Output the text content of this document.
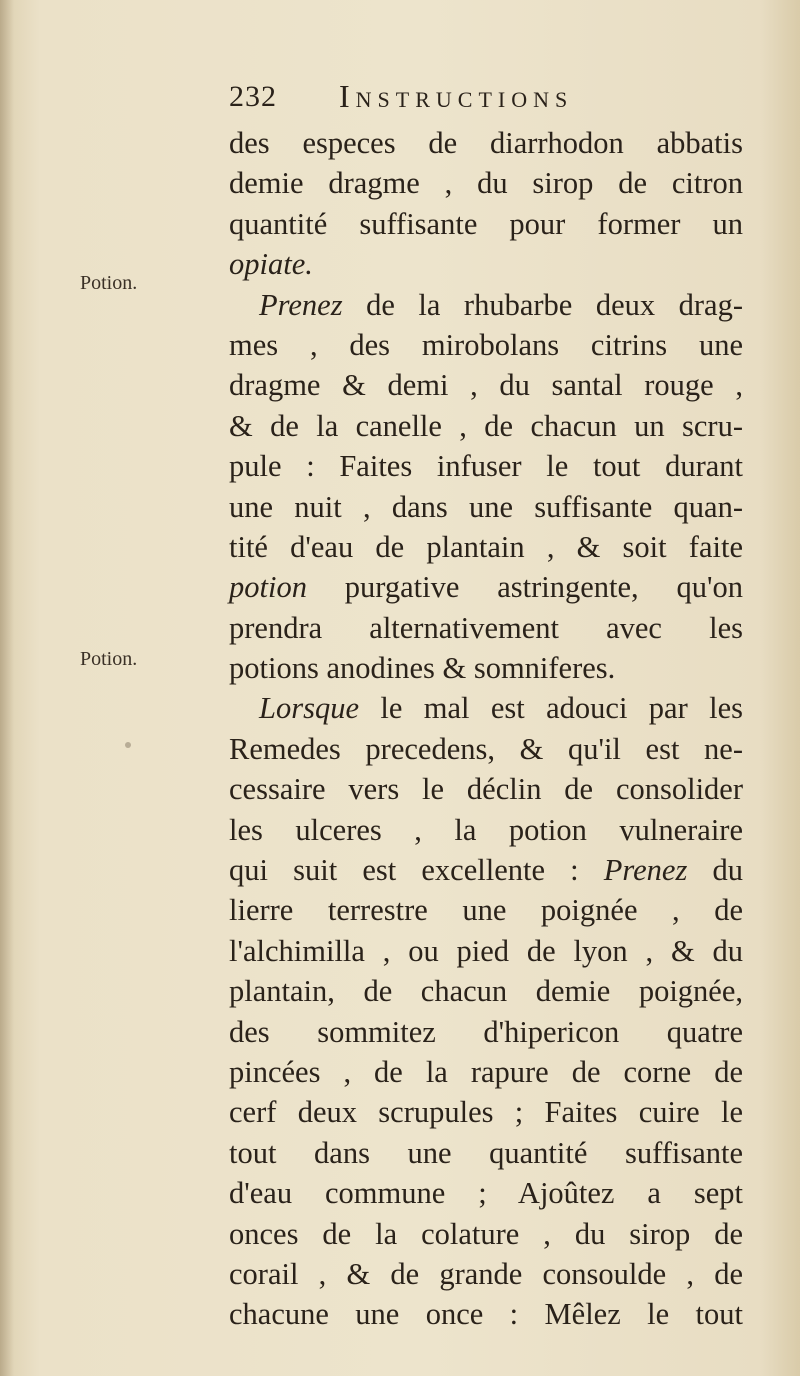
232 Instructions
Potion.
Potion.
des especes de diarrhodon abbatis
demie dragme , du sirop de citron
quantité suffisante pour former un
opiate.
Prenez de la rhubarbe deux drag-
mes , des mirobolans citrins une
dragme & demi , du santal rouge ,
& de la canelle , de chacun un scru-
pule : Faites infuser le tout durant
une nuit , dans une suffisante quan-
tité d'eau de plantain , & soit faite
potion purgative astringente, qu'on
prendra alternativement avec les
potions anodines & somniferes.
Lorsque le mal est adouci par les
Remedes precedens, & qu'il est ne-
cessaire vers le déclin de consolider
les ulceres , la potion vulneraire
qui suit est excellente : Prenez du
lierre terrestre une poignée , de
l'alchimilla , ou pied de lyon , & du
plantain, de chacun demie poignée,
des sommitez d'hipericon quatre
pincées , de la rapure de corne de
cerf deux scrupules ; Faites cuire le
tout dans une quantité suffisante
d'eau commune ; Ajoûtez a sept
onces de la colature , du sirop de
corail , & de grande consoulde , de
chacune une once : Mêlez le tout
